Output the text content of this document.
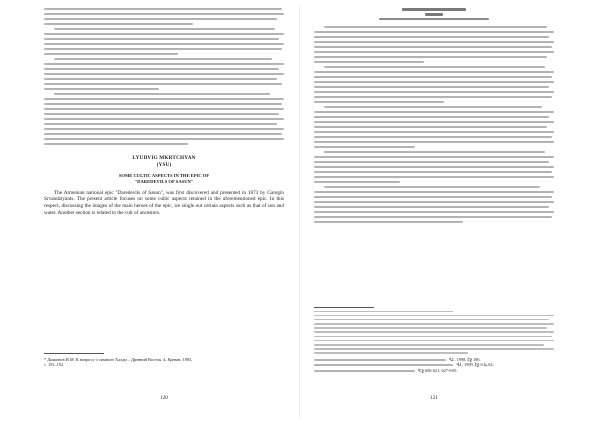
LYUDVIG MKRTCHYAN
(YSU)
SOME CULTIC ASPECTS IN THE EPIC OF
"DAREDEVILS OF SASUN"

The Armenian national epic "Daredevils of Sasun", was first discovered and presented in 1873 by Garegin Srvandztyants. The present article focuses on some cultic aspects retained in the aforementioned epic. In this respect, discussing the images of the main heroes of the epic, we single out certain aspects such as that of sun and water. Another section is related to the cult of ancestors.

* Дьяконов И.М. К вопросу о символе Халди – Древний Восток, 4, Ереван, 1983,
с. 191–192.
120
³Ս., 1998, էջ 186.
⁴Ս., 1999, էջ 6 և 62:
⁵էջ 606-621, 627-639:
121
